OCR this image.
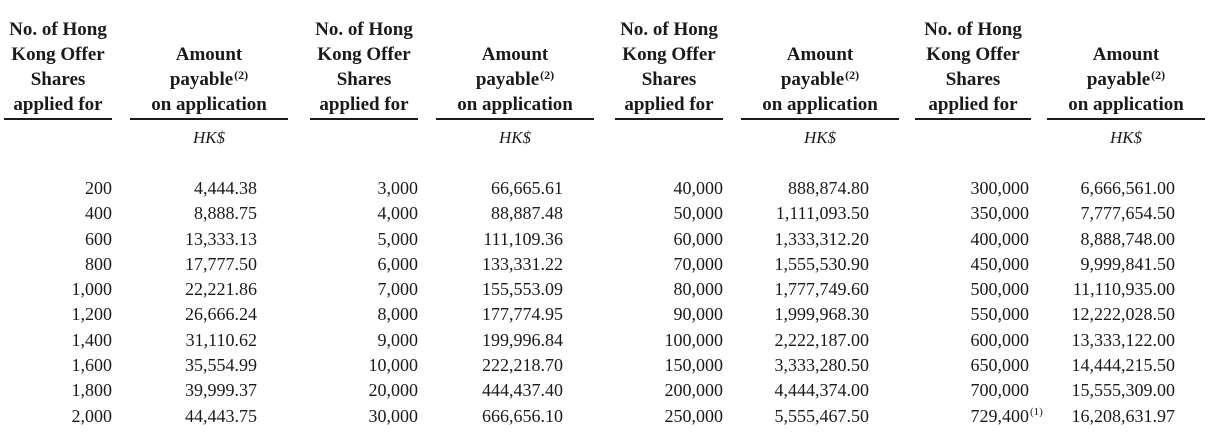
No. of Hong
Kong Offer
Shares
applied for
Amount
payable$^{(2)}$
on application
HK$
200
400
600
800
1,000
1,200
1,400
1,600
1,800
2,000
4,444.38
8,888.75
13,333.13
17,777.50
22,221.86
26,666.24
31,110.62
35,554.99
39,999.37
44,443.75
No. of Hong
Kong Offer
Shares
applied for
Amount
payable$^{(2)}$
on application
HK$
3,000
4,000
5,000
6,000
7,000
8,000
9,000
10,000
20,000
30,000
66,665.61
88,887.48
111,109.36
133,331.22
155,553.09
177,774.95
199,996.84
222,218.70
444,437.40
666,656.10
No. of Hong
Kong Offer
Shares
applied for
Amount
payable$^{(2)}$
on application
HK$
40,000
50,000
60,000
70,000
80,000
90,000
100,000
150,000
200,000
250,000
888,874.80
1,111,093.50
1,333,312.20
1,555,530.90
1,777,749.60
1,999,968.30
2,222,187.00
3,333,280.50
4,444,374.00
5,555,467.50
No. of Hong
Kong Offer
Shares
applied for
Amount
payable$^{(2)}$
on application
HK$
300,000
350,000
400,000
450,000
500,000
550,000
600,000
650,000
700,000
729,400 (1)
6,666,561.00
7,777,654.50
8,888,748.00
9,999,841.50
11,110,935.00
12,222,028.50
13,333,122.00
14,444,215.50
15,555,309.00
16,208,631.97
